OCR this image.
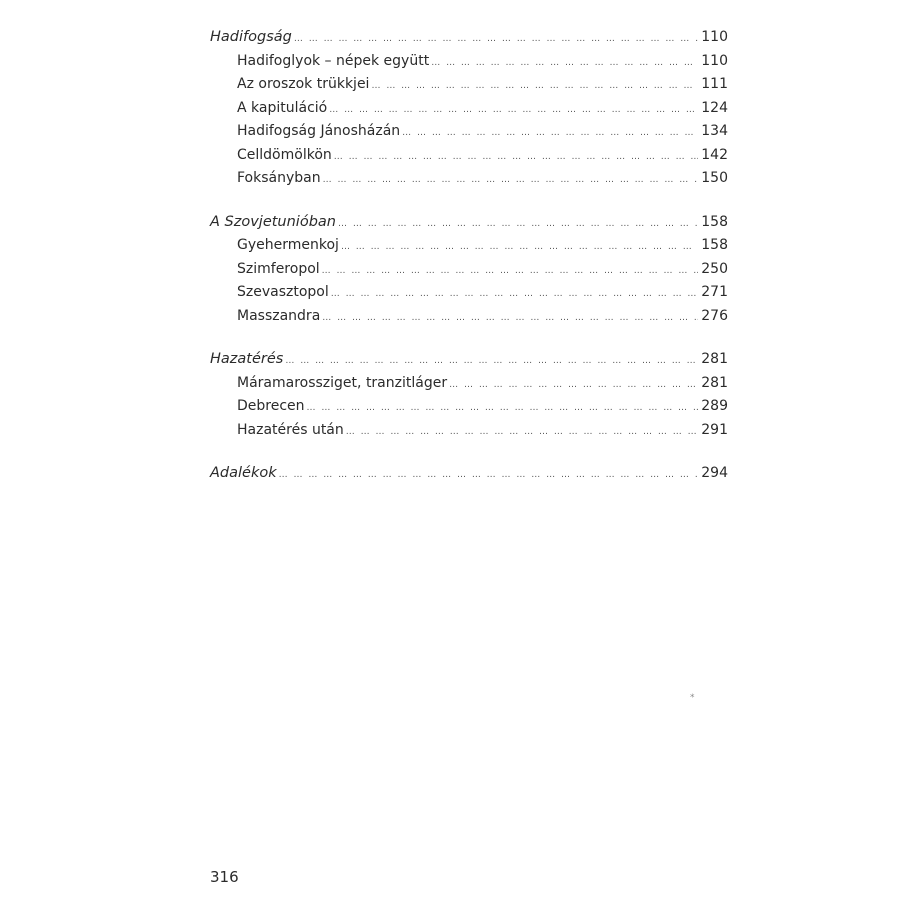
Hadifogság … … … … … … … … … … … … … … … … … … … … … … … … … … … … … … … … … … … … … … … … … … … … … … … … … …	110
Hadifoglyok – népek együtt … … … … … … … … … … … … … … … … … … … … … … … … … … … … … … … … … … … … … … … … … … … … … … … … … …	110
Az oroszok trükkjei … … … … … … … … … … … … … … … … … … … … … … … … … … … … … … … … … … … … … … … … … … … … … … … … … …	111
A kapituláció … … … … … … … … … … … … … … … … … … … … … … … … … … … … … … … … … … … … … … … … … … … … … … … … … …	124
Hadifogság Jánosházán … … … … … … … … … … … … … … … … … … … … … … … … … … … … … … … … … … … … … … … … … … … … … … … … … …	134
Celldömölkön … … … … … … … … … … … … … … … … … … … … … … … … … … … … … … … … … … … … … … … … … … … … … … … … … …	142
Foksányban … … … … … … … … … … … … … … … … … … … … … … … … … … … … … … … … … … … … … … … … … … … … … … … … … …	150
A Szovjetunióban … … … … … … … … … … … … … … … … … … … … … … … … … … … … … … … … … … … … … … … … … … … … … … … … … …	158
Gyehermenkoj … … … … … … … … … … … … … … … … … … … … … … … … … … … … … … … … … … … … … … … … … … … … … … … … … …	158
Szimferopol … … … … … … … … … … … … … … … … … … … … … … … … … … … … … … … … … … … … … … … … … … … … … … … … … …	250
Szevasztopol … … … … … … … … … … … … … … … … … … … … … … … … … … … … … … … … … … … … … … … … … … … … … … … … … …	271
Masszandra … … … … … … … … … … … … … … … … … … … … … … … … … … … … … … … … … … … … … … … … … … … … … … … … … …	276
Hazatérés … … … … … … … … … … … … … … … … … … … … … … … … … … … … … … … … … … … … … … … … … … … … … … … … … …	281
Máramarossziget, tranzitláger … … … … … … … … … … … … … … … … … … … … … … … … … … … … … … … … … … … … … … … … … … … … … … … … … …	281
Debrecen … … … … … … … … … … … … … … … … … … … … … … … … … … … … … … … … … … … … … … … … … … … … … … … … … …	289
Hazatérés után … … … … … … … … … … … … … … … … … … … … … … … … … … … … … … … … … … … … … … … … … … … … … … … … … …	291
Adalékok … … … … … … … … … … … … … … … … … … … … … … … … … … … … … … … … … … … … … … … … … … … … … … … … … …	294
*
316
